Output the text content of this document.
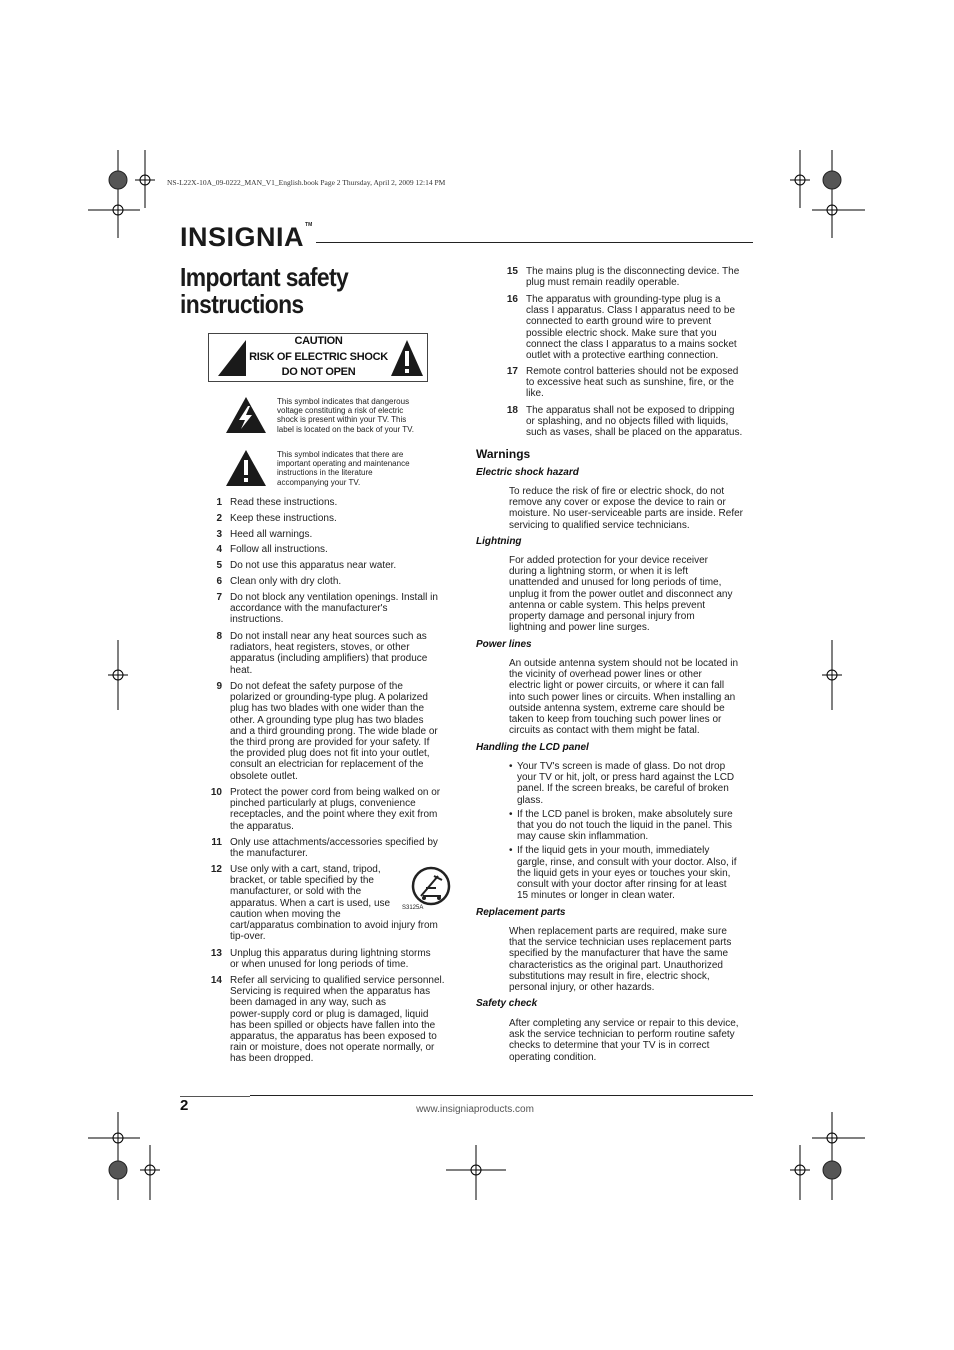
NS-L22X-10A_09-0222_MAN_V1_English.book Page 2 Thursday, April 2, 2009 12:14 PM
INSIGNIA™
Important safety instructions
CAUTION
RISK OF ELECTRIC SHOCK
DO NOT OPEN
This symbol indicates that dangerous
voltage constituting a risk of electric
shock is present within your TV. This
label is located on the back of your TV.
This symbol indicates that there are
important operating and maintenance
instructions in the literature
accompanying your TV.
1 Read these instructions.
2 Keep these instructions.
3 Heed all warnings.
4 Follow all instructions.
5 Do not use this apparatus near water.
6 Clean only with dry cloth.
7 Do not block any ventilation openings. Install in
accordance with the manufacturer's
instructions.
8 Do not install near any heat sources such as
radiators, heat registers, stoves, or other
apparatus (including amplifiers) that produce
heat.
9 Do not defeat the safety purpose of the
polarized or grounding-type plug. A polarized
plug has two blades with one wider than the
other. A grounding type plug has two blades
and a third grounding prong. The wide blade or
the third prong are provided for your safety. If
the provided plug does not fit into your outlet,
consult an electrician for replacement of the
obsolete outlet.
10 Protect the power cord from being walked on or
pinched particularly at plugs, convenience
receptacles, and the point where they exit from
the apparatus.
11 Only use attachments/accessories specified by
the manufacturer.
12 Use only with a cart, stand, tripod,
bracket, or table specified by the
manufacturer, or sold with the
apparatus. When a cart is used, use
caution when moving the
cart/apparatus combination to avoid injury from
tip-over.
13 Unplug this apparatus during lightning storms
or when unused for long periods of time.
14 Refer all servicing to qualified service personnel.
Servicing is required when the apparatus has
been damaged in any way, such as
power-supply cord or plug is damaged, liquid
has been spilled or objects have fallen into the
apparatus, the apparatus has been exposed to
rain or moisture, does not operate normally, or
has been dropped.
S3125A
15 The mains plug is the disconnecting device. The
plug must remain readily operable.
16 The apparatus with grounding-type plug is a
class I apparatus. Class I apparatus need to be
connected to earth ground wire to prevent
possible electric shock. Make sure that you
connect the class I apparatus to a mains socket
outlet with a protective earthing connection.
17 Remote control batteries should not be exposed
to excessive heat such as sunshine, fire, or the
like.
18 The apparatus shall not be exposed to dripping
or splashing, and no objects filled with liquids,
such as vases, shall be placed on the apparatus.
Warnings
Electric shock hazard
To reduce the risk of fire or electric shock, do not
remove any cover or expose the device to rain or
moisture. No user-serviceable parts are inside. Refer
servicing to qualified service technicians.
Lightning
For added protection for your device receiver
during a lightning storm, or when it is left
unattended and unused for long periods of time,
unplug it from the power outlet and disconnect any
antenna or cable system. This helps prevent
property damage and personal injury from
lightning and power line surges.
Power lines
An outside antenna system should not be located in
the vicinity of overhead power lines or other
electric light or power circuits, or where it can fall
into such power lines or circuits. When installing an
outside antenna system, extreme care should be
taken to keep from touching such power lines or
circuits as contact with them might be fatal.
Handling the LCD panel
• Your TV's screen is made of glass. Do not drop
your TV or hit, jolt, or press hard against the LCD
panel. If the screen breaks, be careful of broken
glass.
• If the LCD panel is broken, make absolutely sure
that you do not touch the liquid in the panel. This
may cause skin inflammation.
• If the liquid gets in your mouth, immediately
gargle, rinse, and consult with your doctor. Also, if
the liquid gets in your eyes or touches your skin,
consult with your doctor after rinsing for at least
15 minutes or longer in clean water.
Replacement parts
When replacement parts are required, make sure
that the service technician uses replacement parts
specified by the manufacturer that have the same
characteristics as the original part. Unauthorized
substitutions may result in fire, electric shock,
personal injury, or other hazards.
Safety check
After completing any service or repair to this device,
ask the service technician to perform routine safety
checks to determine that your TV is in correct
operating condition.
2	www.insigniaproducts.com
